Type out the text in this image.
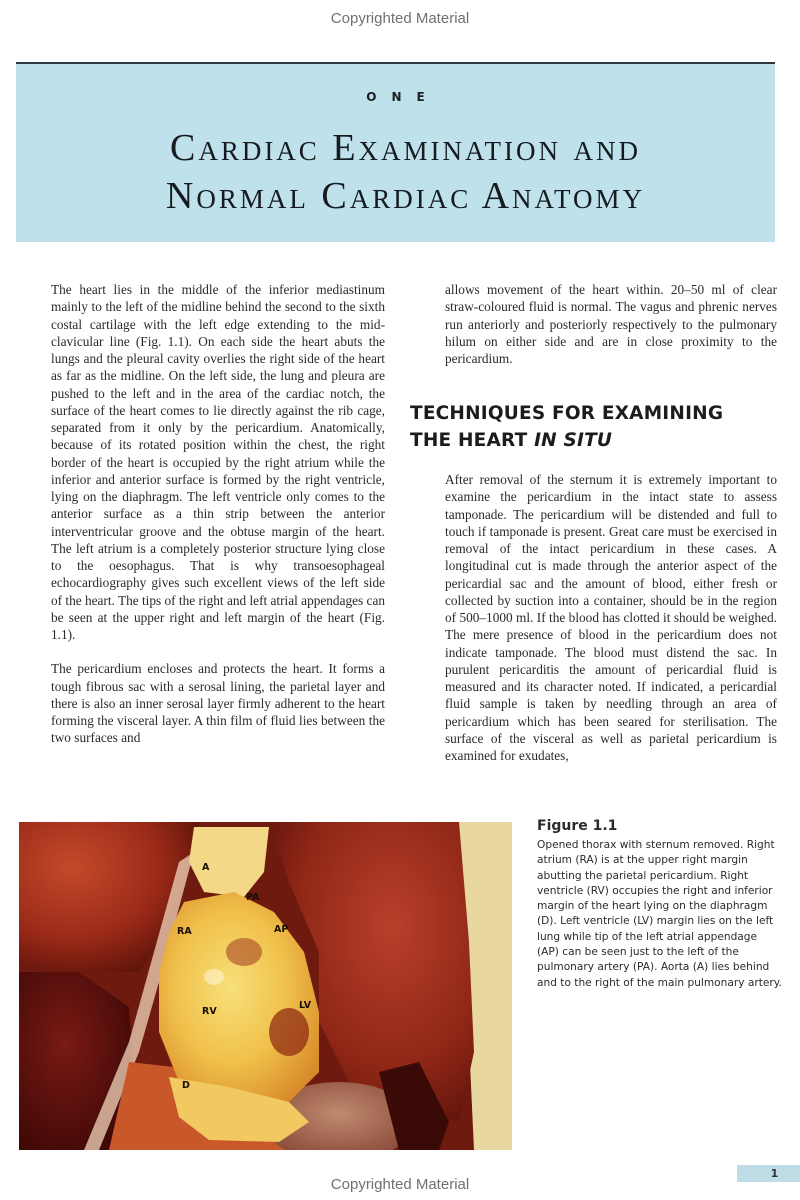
Copyrighted Material
ONE
Cardiac Examination and
Normal Cardiac Anatomy

The heart lies in the middle of the inferior mediastinum mainly to the left of the midline behind the second to the sixth costal cartilage with the left edge extending to the mid-clavicular line (Fig. 1.1). On each side the heart abuts the lungs and the pleural cavity overlies the right side of the heart as far as the midline. On the left side, the lung and pleura are pushed to the left and in the area of the cardiac notch, the surface of the heart comes to lie directly against the rib cage, separated from it only by the pericardium. Anatomically, because of its rotated position within the chest, the right border of the heart is occupied by the right atrium while the inferior and anterior surface is formed by the right ventricle, lying on the diaphragm. The left ventricle only comes to the anterior surface as a thin strip between the anterior interventricular groove and the obtuse margin of the heart. The left atrium is a completely posterior structure lying close to the oesophagus. That is why transoesophageal echocardiography gives such excellent views of the left side of the heart. The tips of the right and left atrial appendages can be seen at the upper right and left margin of the heart (Fig. 1.1).

The pericardium encloses and protects the heart. It forms a tough fibrous sac with a serosal lining, the parietal layer and there is also an inner serosal layer firmly adherent to the heart forming the visceral layer. A thin film of fluid lies between the two surfaces and

allows movement of the heart within. 20–50 ml of clear straw-coloured fluid is normal. The vagus and phrenic nerves run anteriorly and posteriorly respectively to the pulmonary hilum on either side and are in close proximity to the pericardium.

TECHNIQUES FOR EXAMINING
THE HEART IN SITU

After removal of the sternum it is extremely important to examine the pericardium in the intact state to assess tamponade. The pericardium will be distended and full to touch if tamponade is present. Great care must be exercised in removal of the intact pericardium in these cases. A longitudinal cut is made through the anterior aspect of the pericardial sac and the amount of blood, either fresh or collected by suction into a container, should be in the region of 500–1000 ml. If the blood has clotted it should be weighed. The mere presence of blood in the pericardium does not indicate tamponade. The blood must distend the sac. In purulent pericarditis the amount of pericardial fluid is measured and its character noted. If indicated, a pericardial fluid sample is taken by needling through an area of pericardium which has been seared for sterilisation. The surface of the visceral as well as parietal pericardium is examined for exudates,

A
PA
RA	AP
RV
LV
D

Figure 1.1

Opened thorax with sternum removed. Right atrium (RA) is at the upper right margin abutting the parietal pericardium. Right ventricle (RV) occupies the right and inferior margin of the heart lying on the diaphragm (D). Left ventricle (LV) margin lies on the left lung while tip of the left atrial appendage (AP) can be seen just to the left of the pulmonary artery (PA). Aorta (A) lies behind and to the right of the main pulmonary artery.

1
Copyrighted Material
